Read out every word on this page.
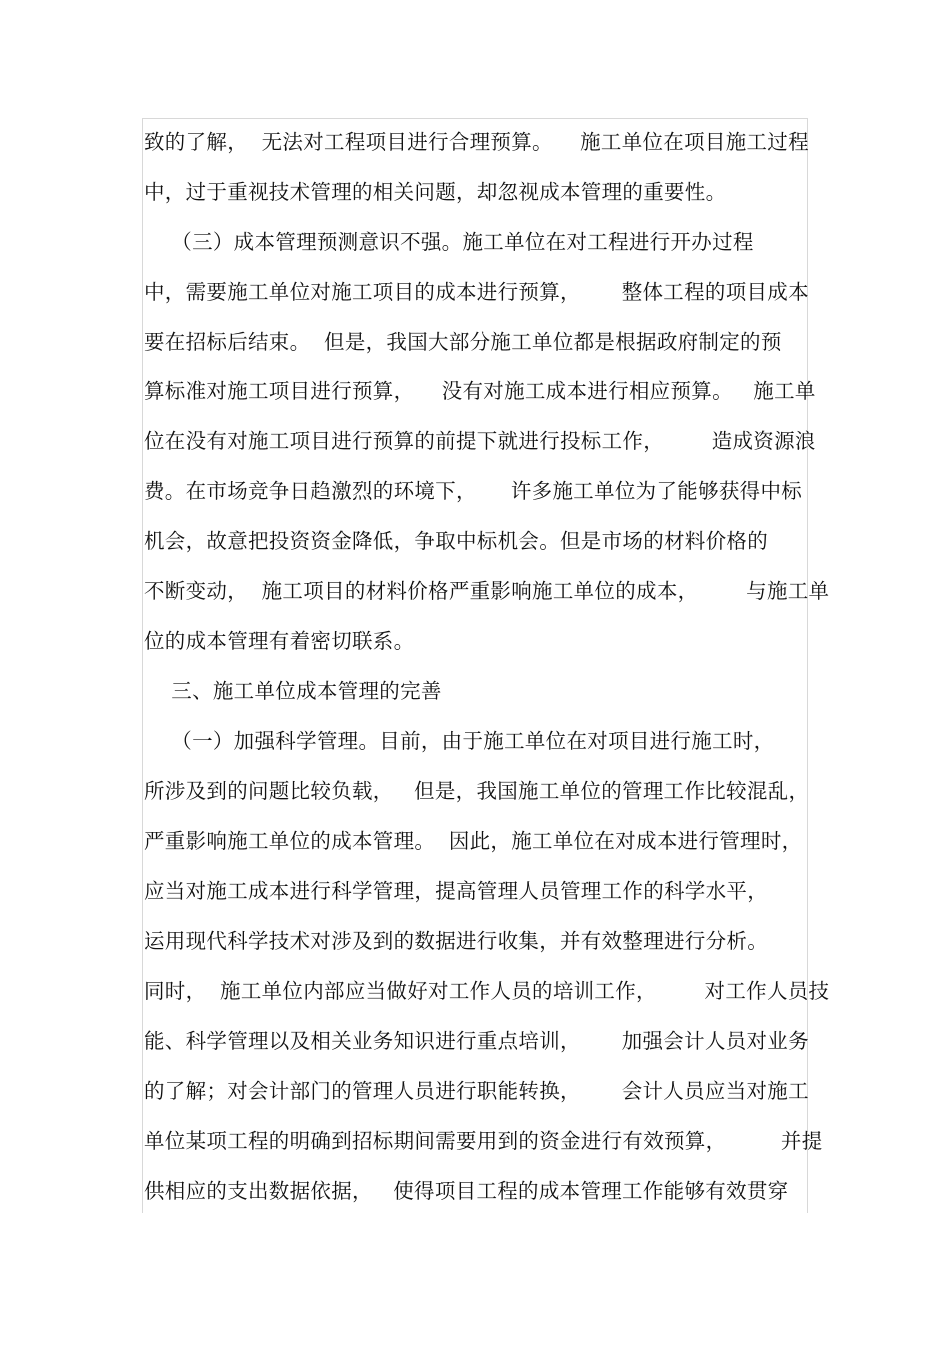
致的了解，  无法对工程项目进行合理预算。    施工单位在项目施工过程
中，过于重视技术管理的相关问题，却忽视成本管理的重要性。
（三）成本管理预测意识不强。施工单位在对工程进行开办过程
中，需要施工单位对施工项目的成本进行预算，      整体工程的项目成本
要在招标后结束。  但是，我国大部分施工单位都是根据政府制定的预
算标准对施工项目进行预算，    没有对施工成本进行相应预算。   施工单
位在没有对施工项目进行预算的前提下就进行投标工作，       造成资源浪
费。在市场竞争日趋激烈的环境下，     许多施工单位为了能够获得中标
机会，故意把投资资金降低，争取中标机会。但是市场的材料价格的
不断变动，  施工项目的材料价格严重影响施工单位的成本，       与施工单
位的成本管理有着密切联系。
三、施工单位成本管理的完善
（一）加强科学管理。目前，由于施工单位在对项目进行施工时，
所涉及到的问题比较负载，   但是，我国施工单位的管理工作比较混乱，
严重影响施工单位的成本管理。  因此，施工单位在对成本进行管理时，
应当对施工成本进行科学管理，提高管理人员管理工作的科学水平，
运用现代科学技术对涉及到的数据进行收集，并有效整理进行分析。
同时，  施工单位内部应当做好对工作人员的培训工作，       对工作人员技
能、科学管理以及相关业务知识进行重点培训，      加强会计人员对业务
的了解；对会计部门的管理人员进行职能转换，      会计人员应当对施工
单位某项工程的明确到招标期间需要用到的资金进行有效预算，        并提
供相应的支出数据依据，   使得项目工程的成本管理工作能够有效贯穿
